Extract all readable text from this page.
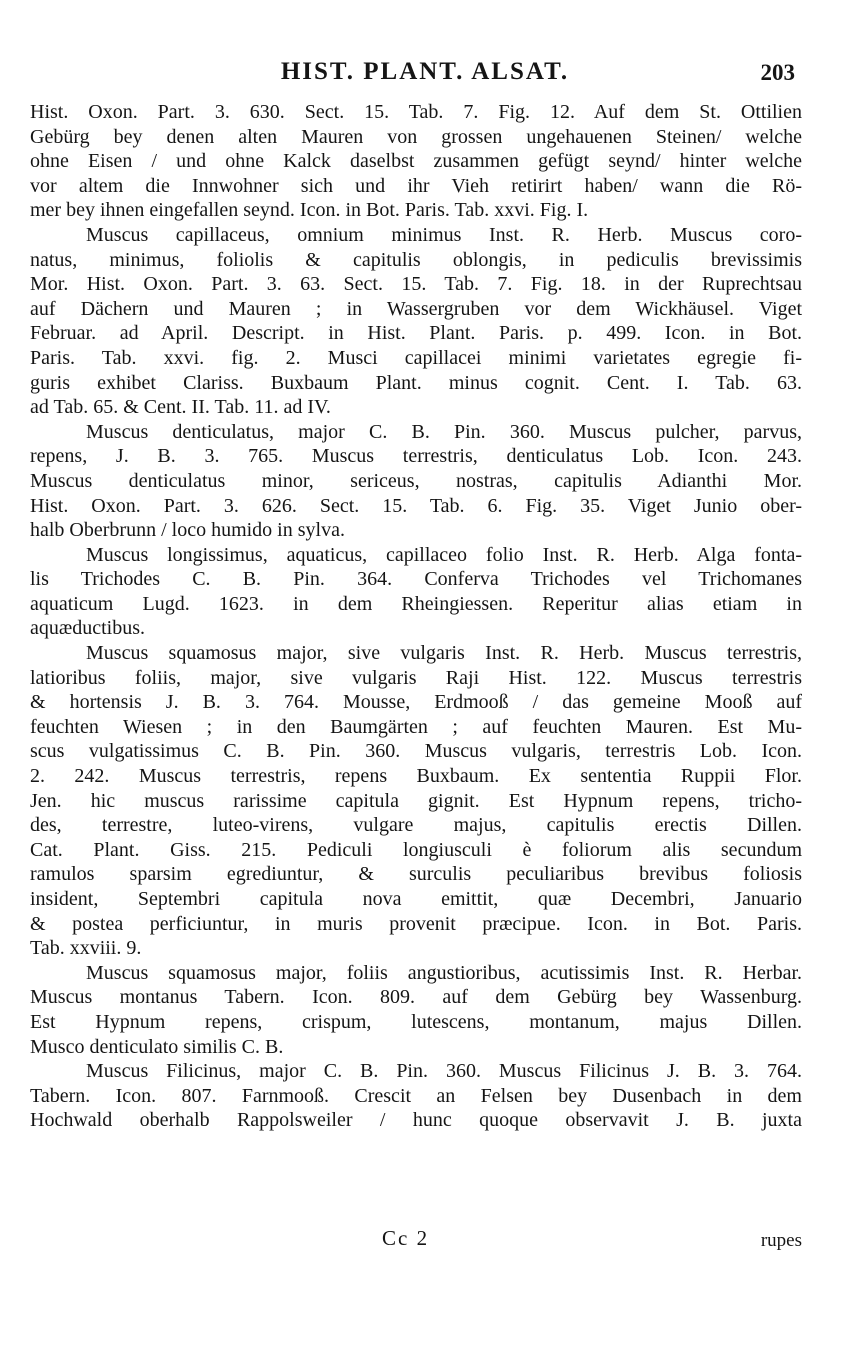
HIST. PLANT. ALSAT.	203
Hist. Oxon. Part. 3. 630. Sect. 15. Tab. 7. Fig. 12. Auf dem St. Ottilien
Gebürg bey denen alten Mauren von grossen ungehauenen Steinen/ welche
ohne Eisen / und ohne Kalck daselbst zusammen gefügt seynd/ hinter welche
vor altem die Innwohner sich und ihr Vieh retirirt haben/ wann die Rö-
mer bey ihnen eingefallen seynd. Icon. in Bot. Paris. Tab. xxvi. Fig. I.
Muscus capillaceus, omnium minimus Inst. R. Herb. Muscus coro-
natus, minimus, foliolis & capitulis oblongis, in pediculis brevissimis
Mor. Hist. Oxon. Part. 3. 63. Sect. 15. Tab. 7. Fig. 18. in der Ruprechtsau
auf Dächern und Mauren ; in Wassergruben vor dem Wickhäusel. Viget
Februar. ad April. Descript. in Hist. Plant. Paris. p. 499. Icon. in Bot.
Paris. Tab. xxvi. fig. 2. Musci capillacei minimi varietates egregie fi-
guris exhibet Clariss. Buxbaum Plant. minus cognit. Cent. I. Tab. 63.
ad Tab. 65. & Cent. II. Tab. 11. ad IV.
Muscus denticulatus, major C. B. Pin. 360. Muscus pulcher, parvus,
repens, J. B. 3. 765. Muscus terrestris, denticulatus Lob. Icon. 243.
Muscus denticulatus minor, sericeus, nostras, capitulis Adianthi Mor.
Hist. Oxon. Part. 3. 626. Sect. 15. Tab. 6. Fig. 35. Viget Junio ober-
halb Oberbrunn / loco humido in sylva.
Muscus longissimus, aquaticus, capillaceo folio Inst. R. Herb. Alga fonta-
lis Trichodes C. B. Pin. 364. Conferva Trichodes vel Trichomanes
aquaticum Lugd. 1623. in dem Rheingiessen. Reperitur alias etiam in
aquæductibus.
Muscus squamosus major, sive vulgaris Inst. R. Herb. Muscus terrestris,
latioribus foliis, major, sive vulgaris Raji Hist. 122. Muscus terrestris
& hortensis J. B. 3. 764. Mousse, Erdmooß / das gemeine Mooß auf
feuchten Wiesen ; in den Baumgärten ; auf feuchten Mauren. Est Mu-
scus vulgatissimus C. B. Pin. 360. Muscus vulgaris, terrestris Lob. Icon.
2. 242. Muscus terrestris, repens Buxbaum. Ex sententia Ruppii Flor.
Jen. hic muscus rarissime capitula gignit. Est Hypnum repens, tricho-
des, terrestre, luteo-virens, vulgare majus, capitulis erectis Dillen.
Cat. Plant. Giss. 215. Pediculi longiusculi è foliorum alis secundum
ramulos sparsim egrediuntur, & surculis peculiaribus brevibus foliosis
insident, Septembri capitula nova emittit, quæ Decembri, Januario
& postea perficiuntur, in muris provenit præcipue. Icon. in Bot. Paris.
Tab. xxviii. 9.
Muscus squamosus major, foliis angustioribus, acutissimis Inst. R. Herbar.
Muscus montanus Tabern. Icon. 809. auf dem Gebürg bey Wassenburg.
Est Hypnum repens, crispum, lutescens, montanum, majus Dillen.
Musco denticulato similis C. B.
Muscus Filicinus, major C. B. Pin. 360. Muscus Filicinus J. B. 3. 764.
Tabern. Icon. 807. Farnmooß. Crescit an Felsen bey Dusenbach in dem
Hochwald oberhalb Rappolsweiler / hunc quoque observavit J. B. juxta
Cc 2	rupes
